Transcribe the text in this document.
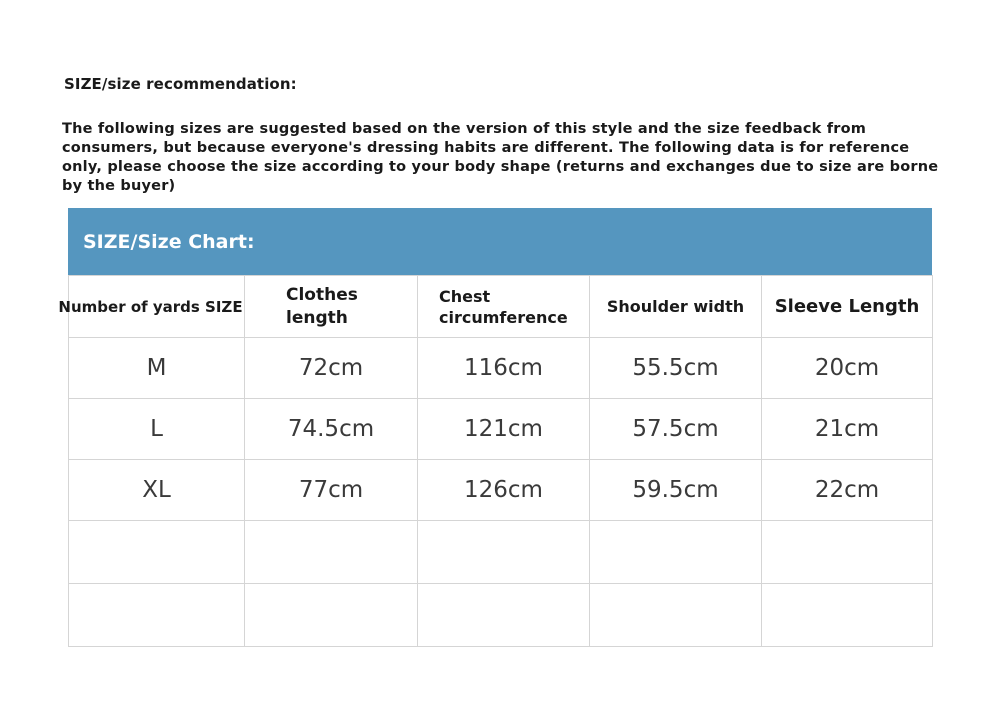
SIZE/size recommendation:

The following sizes are suggested based on the version of this style and the size feedback from consumers, but because everyone's dressing habits are different. The following data is for reference only, please choose the size according to your body shape (returns and exchanges due to size are borne by the buyer)

SIZE/Size Chart:
Number of yards SIZE	Clothes length	Chest circumference	Shoulder width	Sleeve Length
M	72cm	116cm	55.5cm	20cm
L	74.5cm	121cm	57.5cm	21cm
XL	77cm	126cm	59.5cm	22cm
